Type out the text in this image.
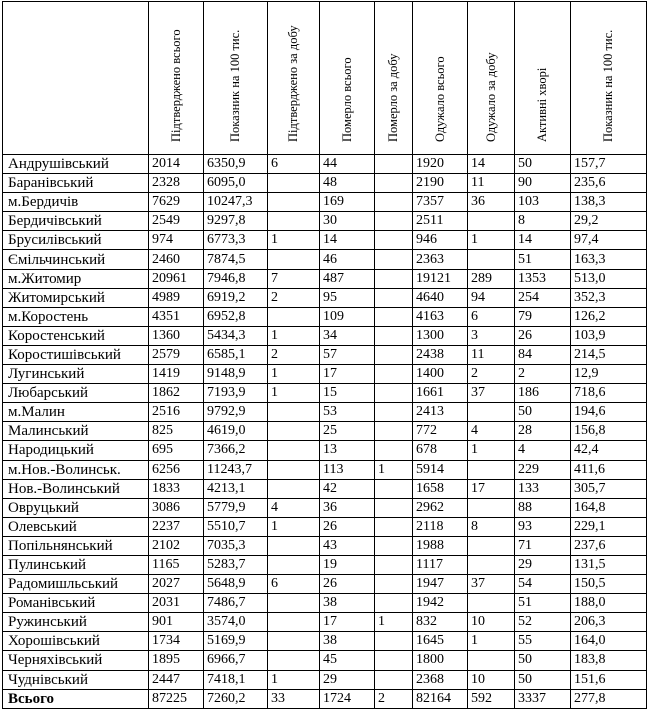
	Підтверджено всього	Показник на 100 тис.	Підтверджено за добу	Померло всього	Померло за добу	Одужало всього	Одужало за добу	Активні хворі	Показник на 100 тис.

Андрушівський	2014	6350,9	6	44		1920	14	50	157,7
Баранівський	2328	6095,0		48		2190	11	90	235,6
м.Бердичів	7629	10247,3		169		7357	36	103	138,3
Бердичівський	2549	9297,8		30		2511		8	29,2
Брусилівський	974	6773,3	1	14		946	1	14	97,4
Ємільчинський	2460	7874,5		46		2363		51	163,3
м.Житомир	20961	7946,8	7	487		19121	289	1353	513,0
Житомирський	4989	6919,2	2	95		4640	94	254	352,3
м.Коростень	4351	6952,8		109		4163	6	79	126,2
Коростенський	1360	5434,3	1	34		1300	3	26	103,9
Коростишівський	2579	6585,1	2	57		2438	11	84	214,5
Лугинський	1419	9148,9	1	17		1400	2	2	12,9
Любарський	1862	7193,9	1	15		1661	37	186	718,6
м.Малин	2516	9792,9		53		2413		50	194,6
Малинський	825	4619,0		25		772	4	28	156,8
Народицький	695	7366,2		13		678	1	4	42,4
м.Нов.-Волинськ.	6256	11243,7		113	1	5914		229	411,6
Нов.-Волинський	1833	4213,1		42		1658	17	133	305,7
Овруцький	3086	5779,9	4	36		2962		88	164,8
Олевський	2237	5510,7	1	26		2118	8	93	229,1
Попільнянський	2102	7035,3		43		1988		71	237,6
Пулинський	1165	5283,7		19		1117		29	131,5
Радомишльський	2027	5648,9	6	26		1947	37	54	150,5
Романівський	2031	7486,7		38		1942		51	188,0
Ружинський	901	3574,0		17	1	832	10	52	206,3
Хорошівський	1734	5169,9		38		1645	1	55	164,0
Черняхівський	1895	6966,7		45		1800		50	183,8
Чуднівський	2447	7418,1	1	29		2368	10	50	151,6
Всього	87225	7260,2	33	1724	2	82164	592	3337	277,8
